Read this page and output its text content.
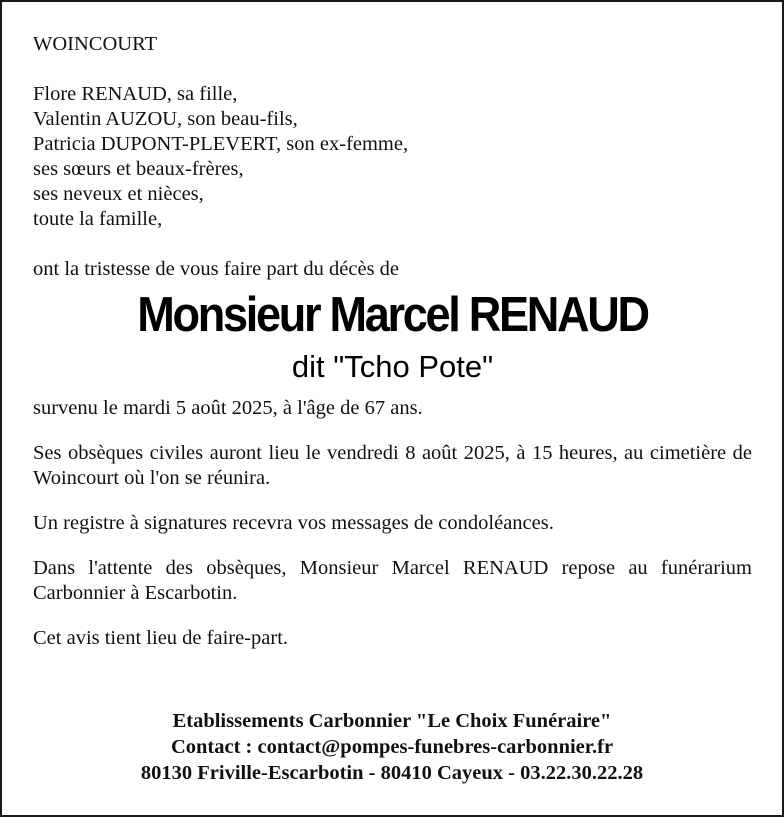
WOINCOURT
Flore RENAUD, sa fille,
Valentin AUZOU, son beau-fils,
Patricia DUPONT-PLEVERT, son ex-femme,
ses sœurs et beaux-frères,
ses neveux et nièces,
toute la famille,
ont la tristesse de vous faire part du décès de
Monsieur Marcel RENAUD
dit "Tcho Pote"
survenu le mardi 5 août 2025, à l'âge de 67 ans.
Ses obsèques civiles auront lieu le vendredi 8 août 2025, à 15 heures, au cimetière de Woincourt où l'on se réunira.
Un registre à signatures recevra vos messages de condoléances.
Dans l'attente des obsèques, Monsieur Marcel RENAUD repose au funérarium Carbonnier à Escarbotin.
Cet avis tient lieu de faire-part.
Etablissements Carbonnier "Le Choix Funéraire"
Contact : contact@pompes-funebres-carbonnier.fr
80130 Friville-Escarbotin - 80410 Cayeux - 03.22.30.22.28
